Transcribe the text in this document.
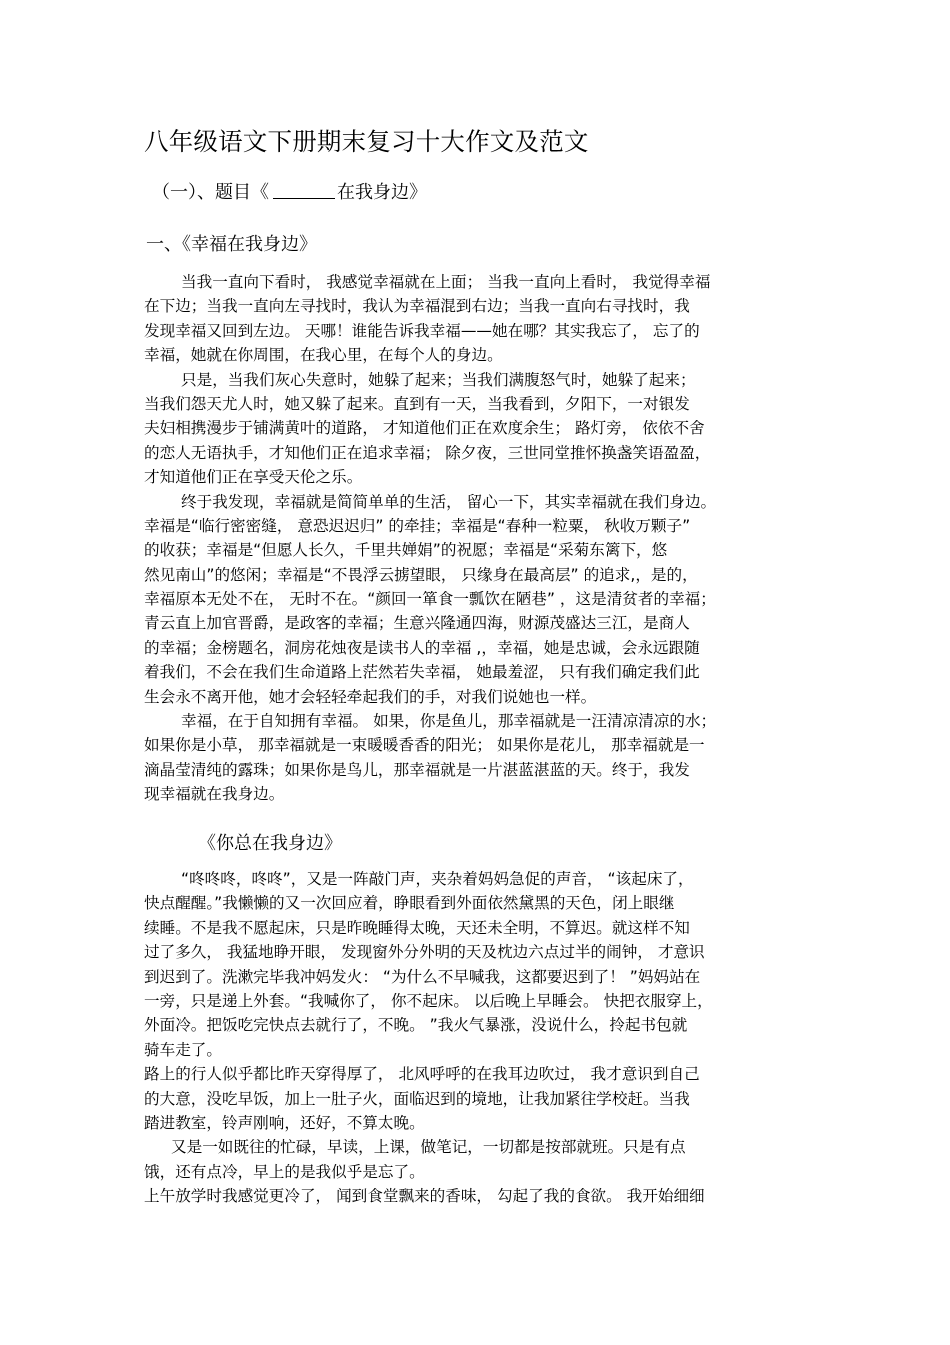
八年级语文下册期末复习十大作文及范文
（一）、题目《	在我身边》
一、《幸福在我身边》
当我一直向下看时， 我感觉幸福就在上面； 当我一直向上看时， 我觉得幸福
在下边；当我一直向左寻找时，我认为幸福混到右边；当我一直向右寻找时，我
发现幸福又回到左边。 天哪！谁能告诉我幸福——她在哪？其实我忘了， 忘了的
幸福，她就在你周围，在我心里，在每个人的身边。
只是，当我们灰心失意时，她躲了起来；当我们满腹怒气时，她躲了起来；
当我们怨天尤人时，她又躲了起来。直到有一天，当我看到，夕阳下，一对银发
夫妇相携漫步于铺满黄叶的道路， 才知道他们正在欢度余生； 路灯旁， 依依不舍
的恋人无语执手，才知他们正在追求幸福； 除夕夜，三世同堂推怀换盏笑语盈盈，
才知道他们正在享受天伦之乐。
终于我发现，幸福就是简简单单的生活， 留心一下，其实幸福就在我们身边。
幸福是“临行密密缝， 意恐迟迟归” 的牵挂；幸福是“春种一粒粟， 秋收万颗子”
的收获；幸福是“但愿人长久，千里共婵娟”的祝愿；幸福是“采菊东篱下，悠
然见南山”的悠闲；幸福是“不畏浮云掳望眼， 只缘身在最高层” 的追求,，是的，
幸福原本无处不在， 无时不在。“颜回一箪食一瓢饮在陋巷” ，这是清贫者的幸福；
青云直上加官晋爵，是政客的幸福；生意兴隆通四海，财源茂盛达三江，是商人
的幸福；金榜题名，洞房花烛夜是读书人的幸福 ,，幸福，她是忠诚，会永远跟随
着我们，不会在我们生命道路上茫然若失幸福， 她最羞涩， 只有我们确定我们此
生会永不离开他，她才会轻轻牵起我们的手，对我们说她也一样。
幸福，在于自知拥有幸福。 如果，你是鱼儿，那幸福就是一汪清凉清凉的水；
如果你是小草， 那幸福就是一束暖暖香香的阳光； 如果你是花儿， 那幸福就是一
滴晶莹清纯的露珠；如果你是鸟儿，那幸福就是一片湛蓝湛蓝的天。终于，我发
现幸福就在我身边。
《你总在我身边》
“咚咚咚，咚咚”，又是一阵敲门声，夹杂着妈妈急促的声音， “该起床了，
快点醒醒。”我懒懒的又一次回应着，睁眼看到外面依然黛黑的天色，闭上眼继
续睡。不是我不愿起床，只是昨晚睡得太晚，天还未全明，不算迟。就这样不知
过了多久， 我猛地睁开眼， 发现窗外分外明的天及枕边六点过半的闹钟， 才意识
到迟到了。洗漱完毕我冲妈发火： “为什么不早喊我，这都要迟到了！ ”妈妈站在
一旁，只是递上外套。“我喊你了， 你不起床。 以后晚上早睡会。 快把衣服穿上，
外面冷。把饭吃完快点去就行了，不晚。 ”我火气暴涨，没说什么，拎起书包就
骑车走了。
路上的行人似乎都比昨天穿得厚了， 北风呼呼的在我耳边吹过， 我才意识到自己
的大意，没吃早饭，加上一肚子火，面临迟到的境地，让我加紧往学校赶。当我
踏进教室，铃声刚响，还好，不算太晚。
又是一如既往的忙碌，早读，上课，做笔记，一切都是按部就班。只是有点
饿，还有点冷，早上的是我似乎是忘了。
上午放学时我感觉更冷了， 闻到食堂飘来的香味， 勾起了我的食欲。 我开始细细
